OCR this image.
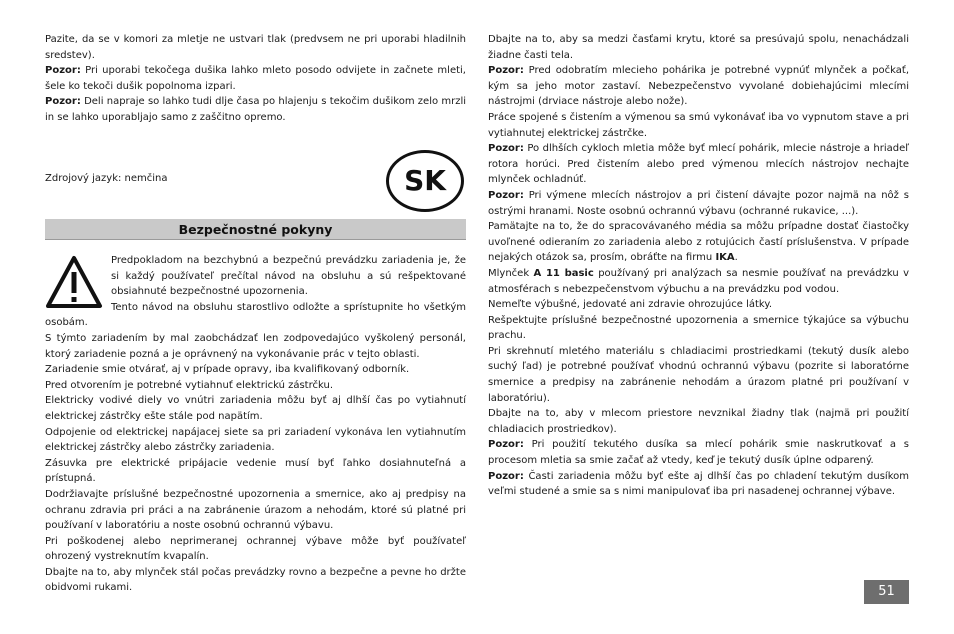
Pazite, da se v komori za mletje ne ustvari tlak (predvsem ne pri uporabi hladilnih sredstev).

Pozor: Pri uporabi tekočega dušika lahko mleto posodo odvijete in začnete mleti, šele ko tekoči dušik popolnoma izpari.

Pozor: Deli napraje so lahko tudi dlje časa po hlajenju s tekočim dušikom zelo mrzli in se lahko uporabljajo samo z zaščitno opremo.

Zdrojový jazyk: nemčina	SK
Bezpečnostné pokyny

Predpokladom na bezchybnú a bezpečnú prevádzku zariadenia je, že si každý používateľ prečítal návod na obsluhu a sú rešpektované obsiahnuté bezpečnostné upozornenia.

Tento návod na obsluhu starostlivo odložte a sprístupnite ho všetkým osobám.

S týmto zariadením by mal zaobchádzať len zodpovedajúco vyškolený personál, ktorý zariadenie pozná a je oprávnený na vykonávanie prác v tejto oblasti.

Zariadenie smie otvárať, aj v prípade opravy, iba kvalifikovaný odborník.

Pred otvorením je potrebné vytiahnuť elektrickú zástrčku.

Elektricky vodivé diely vo vnútri zariadenia môžu byť aj dlhší čas po vytiahnutí elektrickej zástrčky ešte stále pod napätím.

Odpojenie od elektrickej napájacej siete sa pri zariadení vykonáva len vytiahnutím elektrickej zástrčky alebo zástrčky zariadenia.

Zásuvka pre elektrické pripájacie vedenie musí byť ľahko dosiahnuteľná a prístupná.

Dodržiavajte príslušné bezpečnostné upozornenia a smernice, ako aj predpisy na ochranu zdravia pri práci a na zabránenie úrazom a nehodám, ktoré sú platné pri používaní v laboratóriu a noste osobnú ochrannú výbavu.

Pri poškodenej alebo neprimeranej ochrannej výbave môže byť používateľ ohrozený vystreknutím kvapalín.

Dbajte na to, aby mlynček stál počas prevádzky rovno a bezpečne a pevne ho držte obidvomi rukami.

Dbajte na to, aby sa medzi časťami krytu, ktoré sa presúvajú spolu, nenachádzali žiadne časti tela.

Pozor: Pred odobratím mlecieho pohárika je potrebné vypnúť mlynček a počkať, kým sa jeho motor zastaví. Nebezpečenstvo vyvolané dobiehajúcimi mlecími nástrojmi (drviace nástroje alebo nože).

Práce spojené s čistením a výmenou sa smú vykonávať iba vo vypnutom stave a pri vytiahnutej elektrickej zástrčke.

Pozor: Po dlhších cykloch mletia môže byť mlecí pohárik, mlecie nástroje a hriadeľ rotora horúci. Pred čistením alebo pred výmenou mlecích nástrojov nechajte mlynček ochladnúť.

Pozor: Pri výmene mlecích nástrojov a pri čistení dávajte pozor najmä na nôž s ostrými hranami. Noste osobnú ochrannú výbavu (ochranné rukavice, ...).

Pamätajte na to, že do spracovávaného média sa môžu prípadne dostať čiastočky uvoľnené odieraním zo zariadenia alebo z rotujúcich častí príslušenstva. V prípade nejakých otázok sa, prosím, obráťte na firmu IKA.

Mlynček A 11 basic používaný pri analýzach sa nesmie používať na prevádzku v atmosférach s nebezpečenstvom výbuchu a na prevádzku pod vodou.

Nemeľte výbušné, jedovaté ani zdravie ohrozujúce látky.

Rešpektujte príslušné bezpečnostné upozornenia a smernice týkajúce sa výbuchu prachu.

Pri skrehnutí mletého materiálu s chladiacimi prostriedkami (tekutý dusík alebo suchý ľad) je potrebné používať vhodnú ochrannú výbavu (pozrite si laboratórne smernice a predpisy na zabránenie nehodám a úrazom platné pri používaní v laboratóriu).

Dbajte na to, aby v mlecom priestore nevznikal žiadny tlak (najmä pri použití chladiacich prostriedkov).

Pozor: Pri použití tekutého dusíka sa mlecí pohárik smie naskrutkovať a s procesom mletia sa smie začať až vtedy, keď je tekutý dusík úplne odparený.

Pozor: Časti zariadenia môžu byť ešte aj dlhší čas po chladení tekutým dusíkom veľmi studené a smie sa s nimi manipulovať iba pri nasadenej ochrannej výbave.

51
